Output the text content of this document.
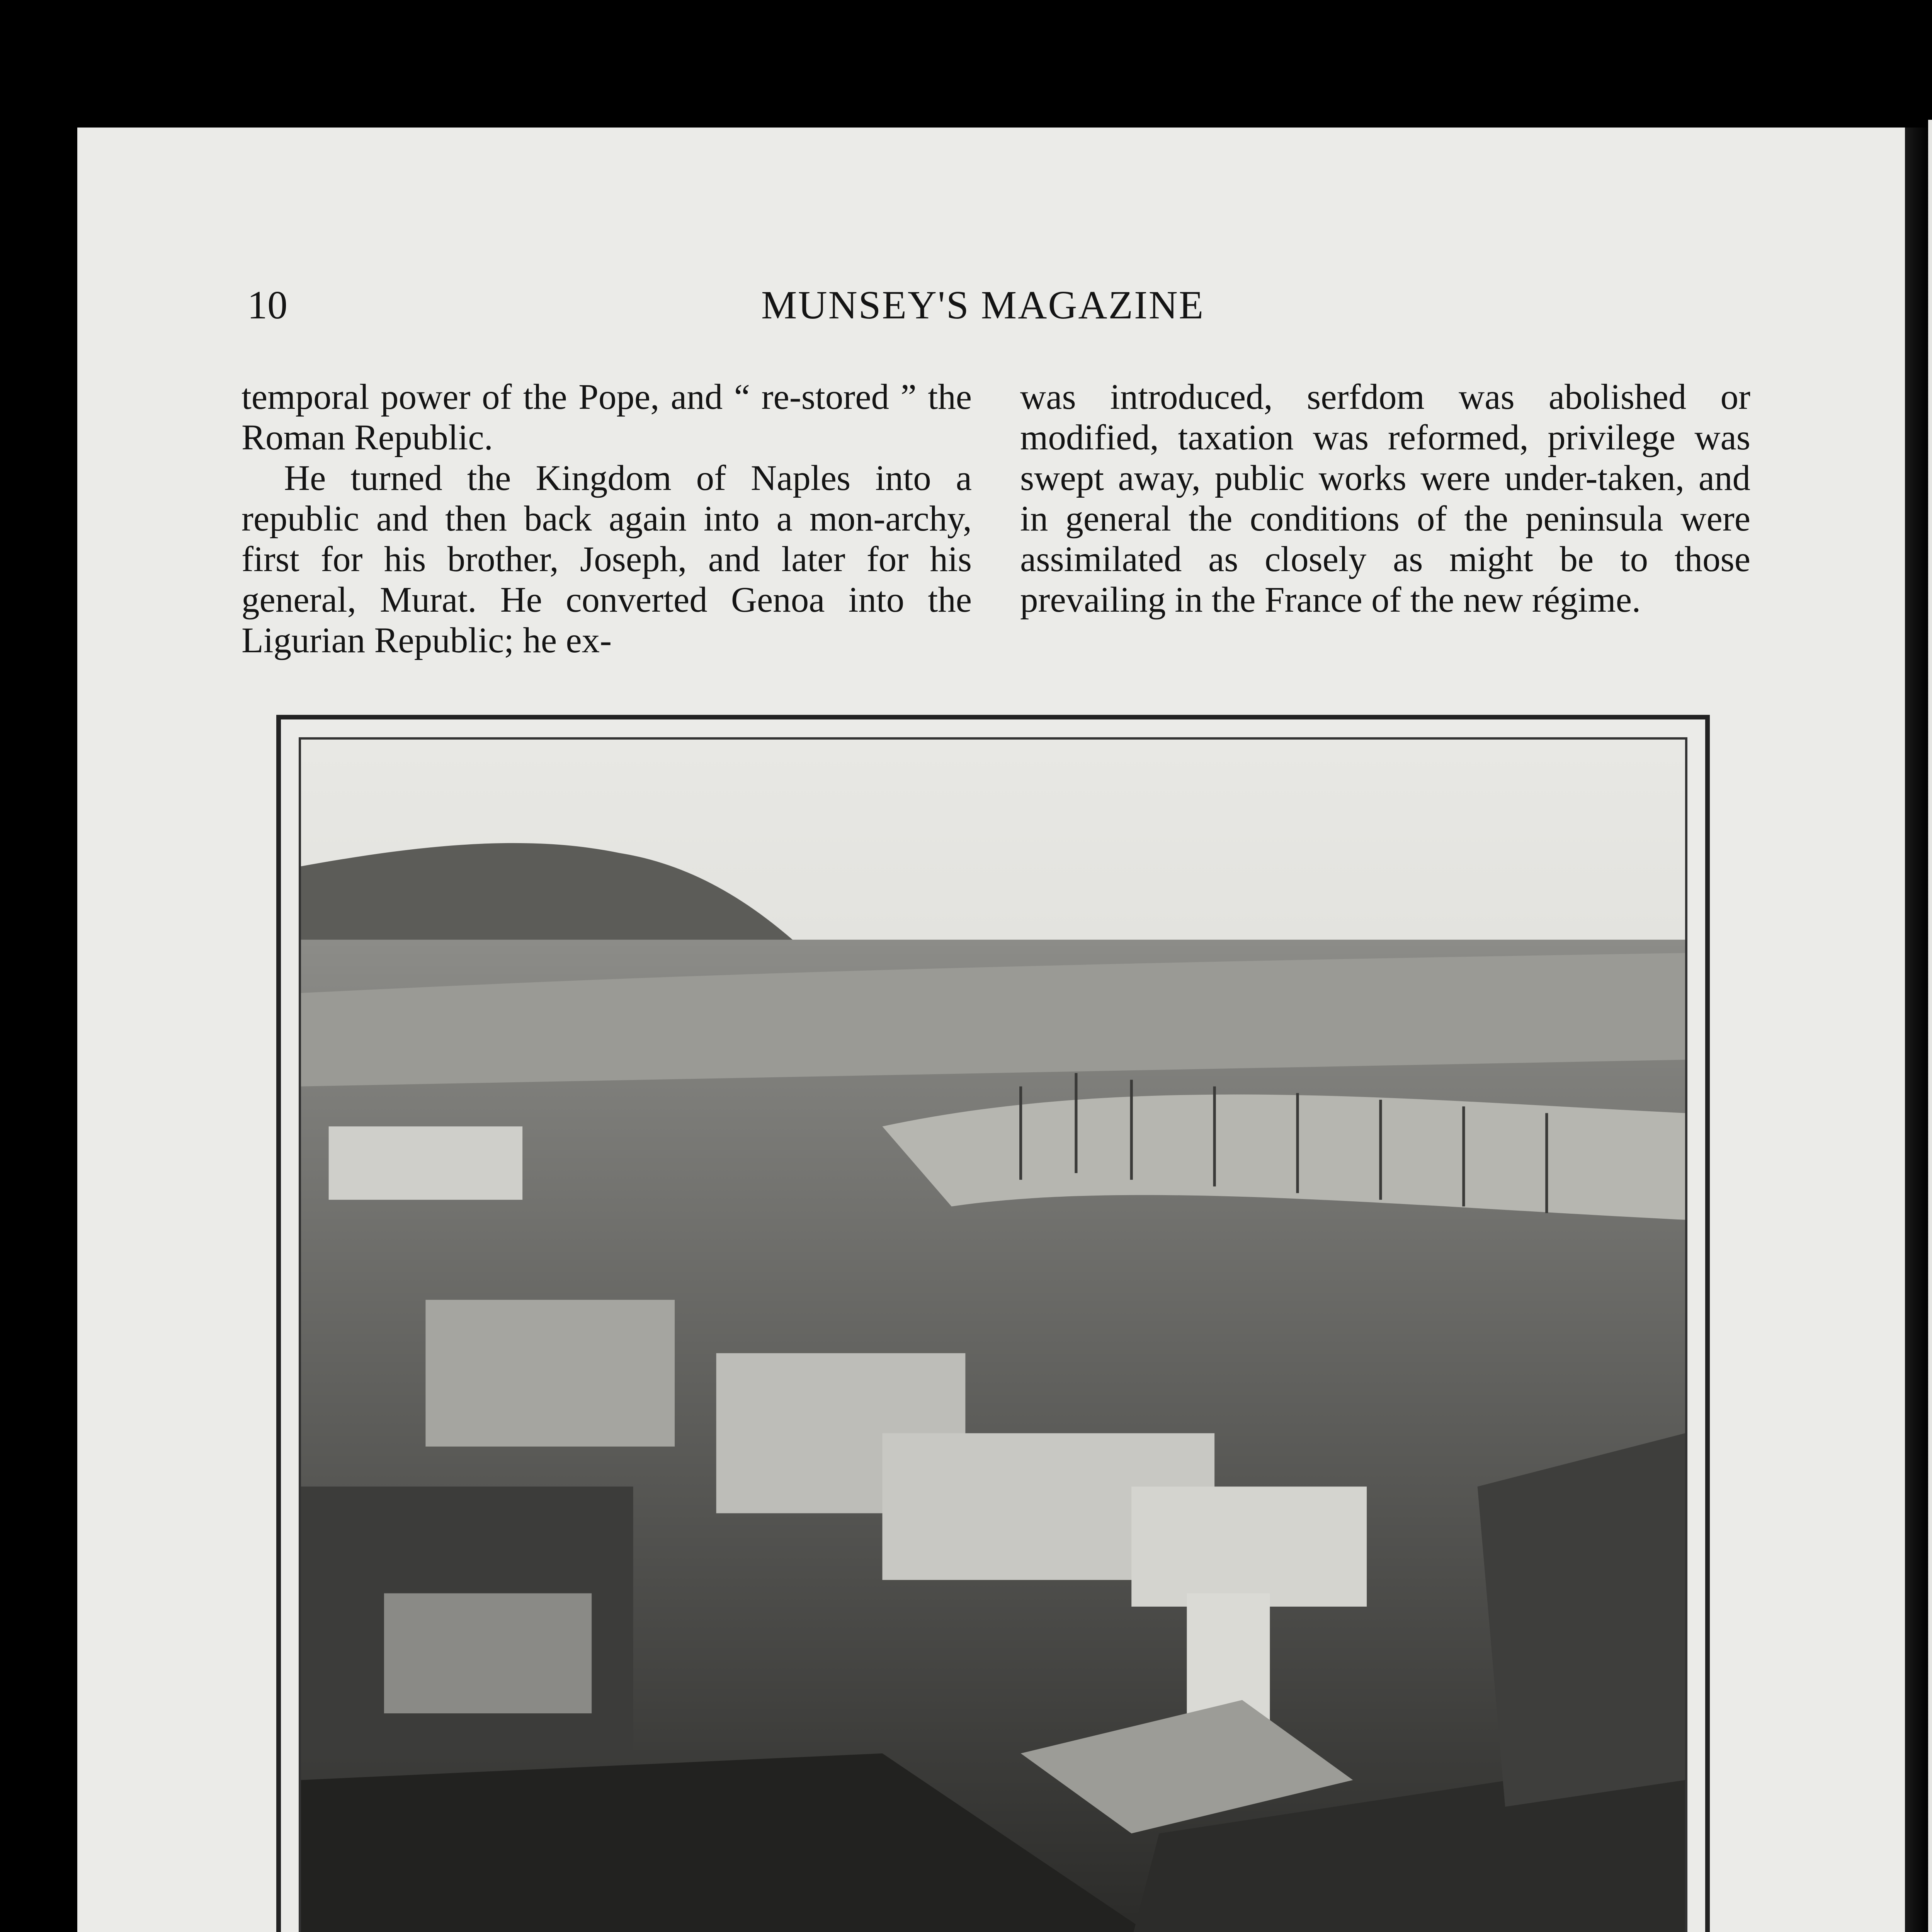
10	MUNSEY'S MAGAZINE

temporal power of the Pope, and “ re-stored ” the Roman Republic.

He turned the Kingdom of Naples into a republic and then back again into a mon-archy, first for his brother, Joseph, and later for his general, Murat. He converted Genoa into the Ligurian Republic; he ex-

was introduced, serfdom was abolished or modified, taxation was reformed, privilege was swept away, public works were under-taken, and in general the conditions of the peninsula were assimilated as closely as might be to those prevailing in the France of the new régime.
